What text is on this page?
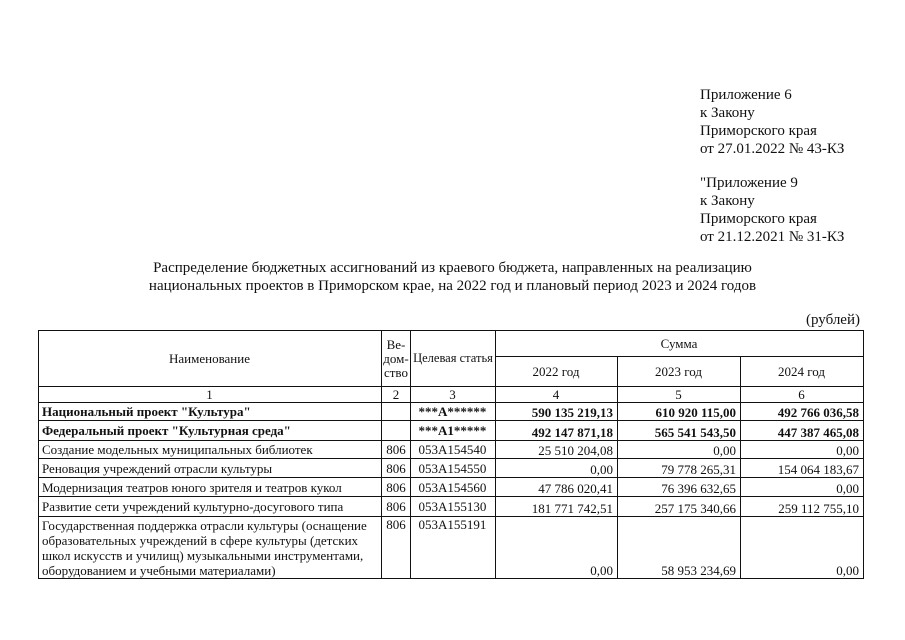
Приложение 6
к Закону
Приморского края
от 27.01.2022 № 43-КЗ
"Приложение 9
к Закону
Приморского края
от 21.12.2021 № 31-КЗ
Распределение бюджетных ассигнований из краевого бюджета, направленных на реализацию
национальных проектов в Приморском крае, на 2022 год и плановый период 2023 и 2024 годов
(рублей)
Наименование	Ве-
дом-
ство	Целевая статья	Сумма		
			2022 год	2023 год	2024 год
1	2	3	4	5	6

Национальный проект "Культура"		***A******	590 135 219,13	610 920 115,00	492 766 036,58

Федеральный проект "Культурная среда"		***A1*****	492 147 871,18	565 541 543,50	447 387 465,08

Создание модельных муниципальных библиотек	806	053A154540	25 510 204,08	0,00	0,00

Реновация учреждений отрасли культуры	806	053A154550	0,00	79 778 265,31	154 064 183,67

Модернизация театров юного зрителя и театров кукол	806	053A154560	47 786 020,41	76 396 632,65	0,00

Развитие сети учреждений культурно-досугового типа	806	053A155130	181 771 742,51	257 175 340,66	259 112 755,10

Государственная поддержка отрасли культуры (оснащение
образовательных учреждений в сфере культуры (детских
школ искусств и училищ) музыкальными инструментами,
оборудованием и учебными материалами)	806	053A155191	0,00	58 953 234,69	0,00
